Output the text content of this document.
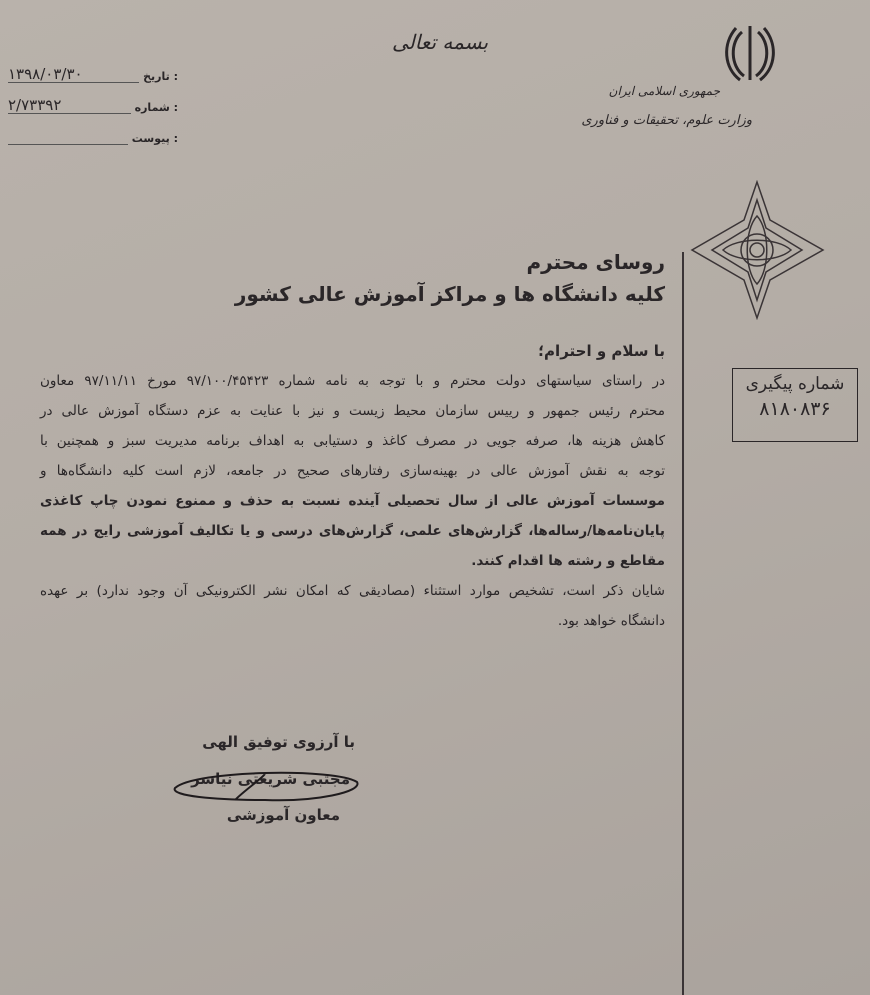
بسمه تعالی
جمهوری اسلامی ایران
وزارت علوم، تحقیقات و فناوری
تاریخ :
۱۳۹۸/۰۳/۳۰
شماره :
۲/۷۳۳۹۲
پیوست :
شماره پیگیری
۸۱۸۰۸۳۶
روسای محترم
کلیه دانشگاه ها و مراکز آموزش عالی کشور
با سلام و احترام؛
در راستای سیاستهای دولت محترم و با توجه به نامه شماره ۹۷/۱۰۰/۴۵۴۲۳ مورخ ۹۷/۱۱/۱۱ معاون
محترم رئیس جمهور و رییس سازمان محیط زیست و نیز با عنایت به عزم دستگاه آموزش عالی در
کاهش هزینه ها، صرفه جویی در مصرف کاغذ و دستیابی به اهداف برنامه مدیریت سبز و همچنین با
توجه به نقش آموزش عالی در بهینه‌سازی رفتارهای صحیح در جامعه، لازم است کلیه دانشگاه‌ها و
موسسات آموزش عالی از سال تحصیلی آینده نسبت به حذف و ممنوع نمودن چاپ کاغذی
پایان‌نامه‌ها/رساله‌ها، گزارش‌های علمی، گزارش‌های درسی و یا تکالیف آموزشی رایج در همه
مقاطع و رشته ها اقدام کنند.
شایان ذکر است، تشخیص موارد استثناء (مصادیقی که امکان نشر الکترونیکی آن وجود ندارد) بر عهده
دانشگاه خواهد بود.
با آرزوی توفیق الهی
مجتبی شریعتی نیاسر
معاون آموزشی
